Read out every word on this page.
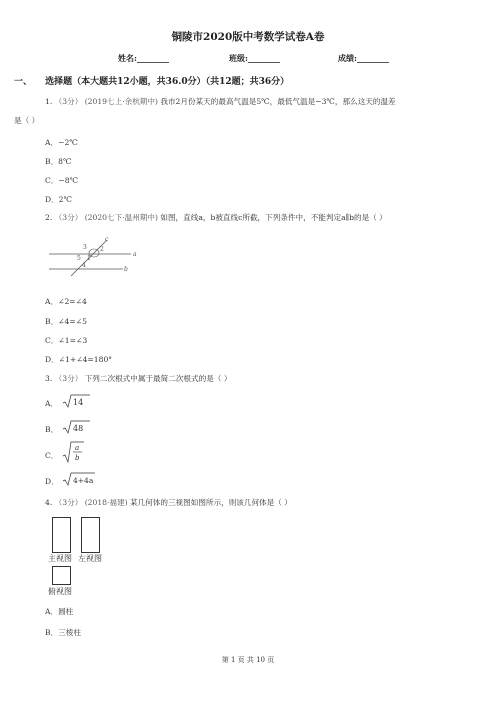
铜陵市2020版中考数学试卷A卷
姓名:________	班级:________	成绩:________
一、 选择题（本大题共12小题，共36.0分）（共12题；共36分）
1. （3分） (2019七上·余杭期中) 我市2月份某天的最高气温是5℃，最低气温是−3℃，那么这天的温差
是（ ）
A．−2℃
B．8℃
C．−8℃
D．2℃
2. （3分） (2020七下·温州期中) 如图，直线a，b被直线c所截，下列条件中，不能判定a∥b的是（ ）
c
3 2
a
5 1
4
b
A．∠2=∠4
B．∠4=∠5
C．∠1=∠3
D．∠1+∠4=180°
3. （3分） 下列二次根式中属于最简二次根式的是（ ）
A． 14
B． 48
C．
a
b
D． 4+4a
4. （3分） (2018·福建) 某几何体的三视图如图所示，则该几何体是（ ）
主视图 左视图
俯视图
A．圆柱
B．三棱柱
第 1 页 共 10 页
